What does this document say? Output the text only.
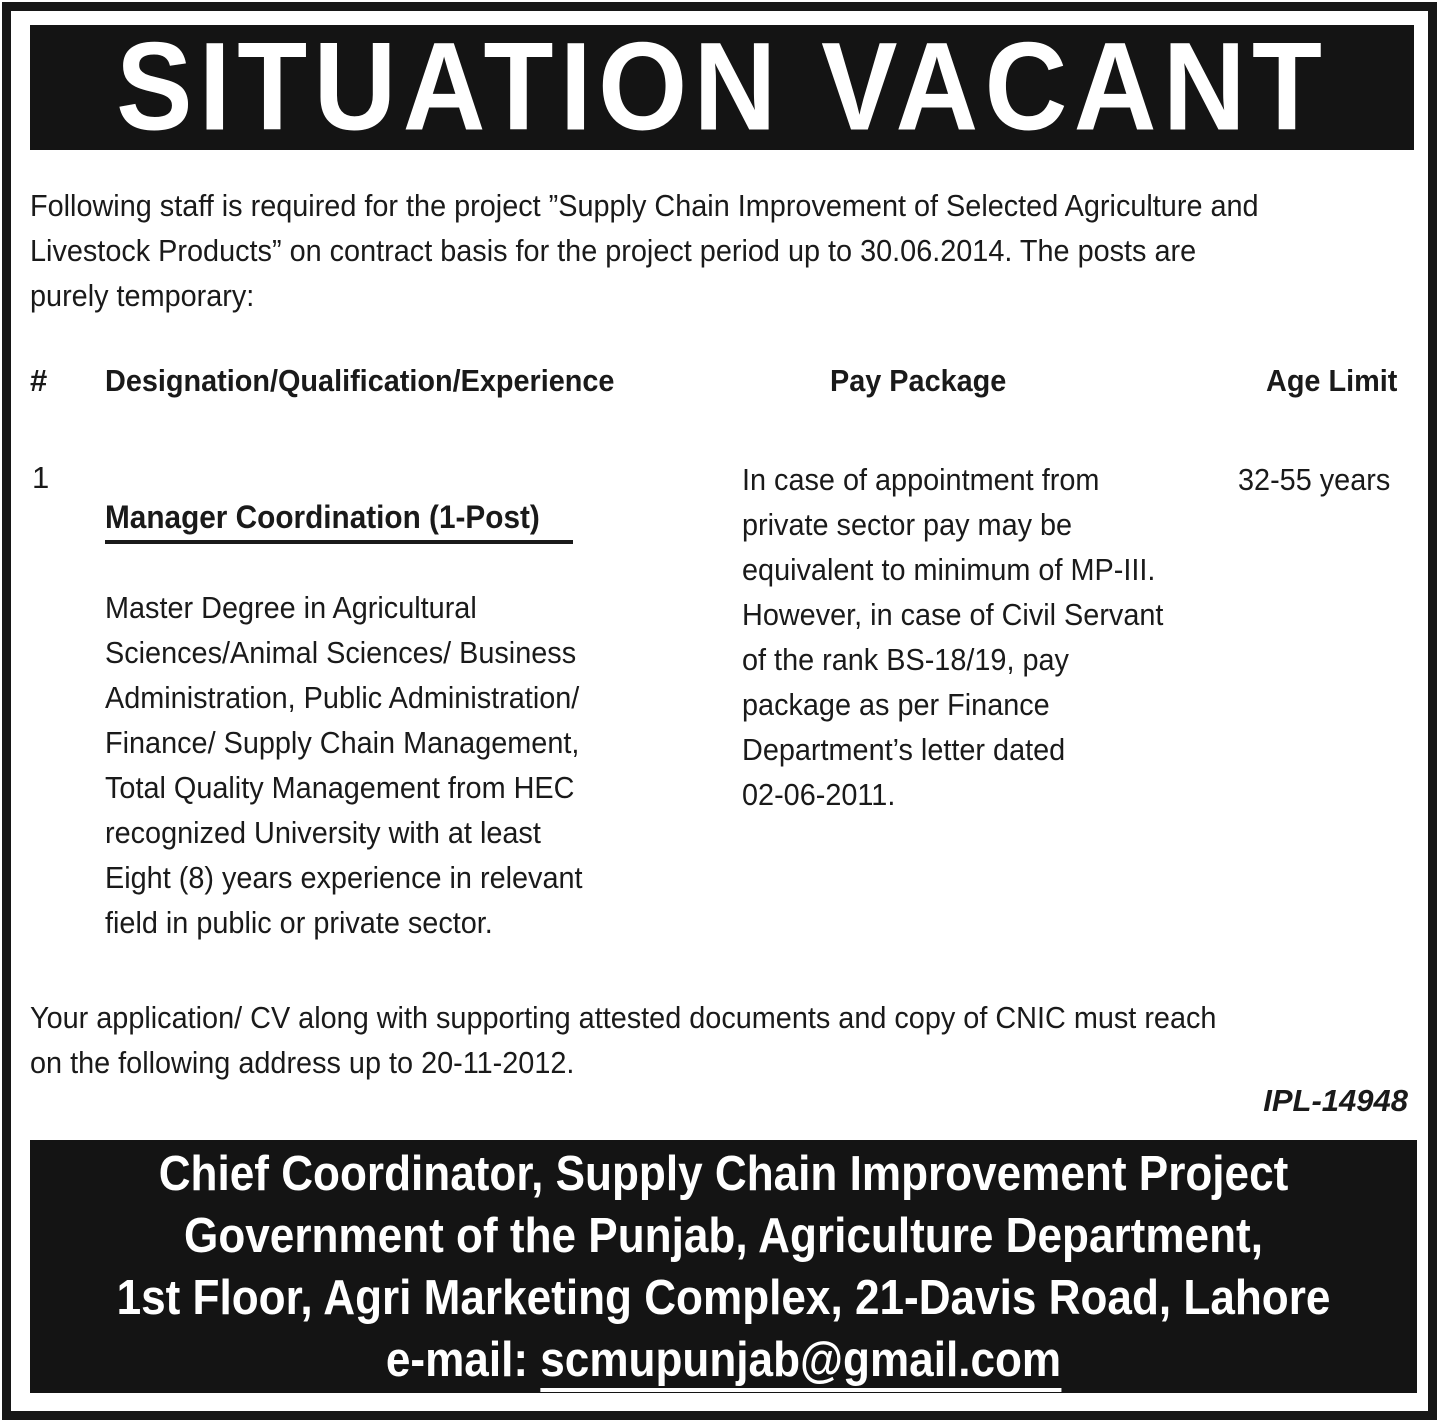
SITUATION VACANT
Following staff is required for the project ”Supply Chain Improvement of Selected Agriculture and
Livestock Products” on contract basis for the project period up to 30.06.2014. The posts are
purely temporary:
# Designation/Qualification/Experience	Pay Package	Age Limit
1
Manager Coordination (1-Post)
Master Degree in Agricultural
Sciences/Animal Sciences/ Business
Administration, Public Administration/
Finance/ Supply Chain Management,
Total Quality Management from HEC
recognized University with at least
Eight (8) years experience in relevant
field in public or private sector.
In case of appointment from
private sector pay may be
equivalent to minimum of MP-III.
However, in case of Civil Servant
of the rank BS-18/19, pay
package as per Finance
Department’s letter dated
02-06-2011.
32-55 years
Your application/ CV along with supporting attested documents and copy of CNIC must reach
on the following address up to 20-11-2012.
IPL-14948
Chief Coordinator, Supply Chain Improvement Project
Government of the Punjab, Agriculture Department,
1st Floor, Agri Marketing Complex, 21-Davis Road, Lahore
e-mail: scmupunjab@gmail.com
